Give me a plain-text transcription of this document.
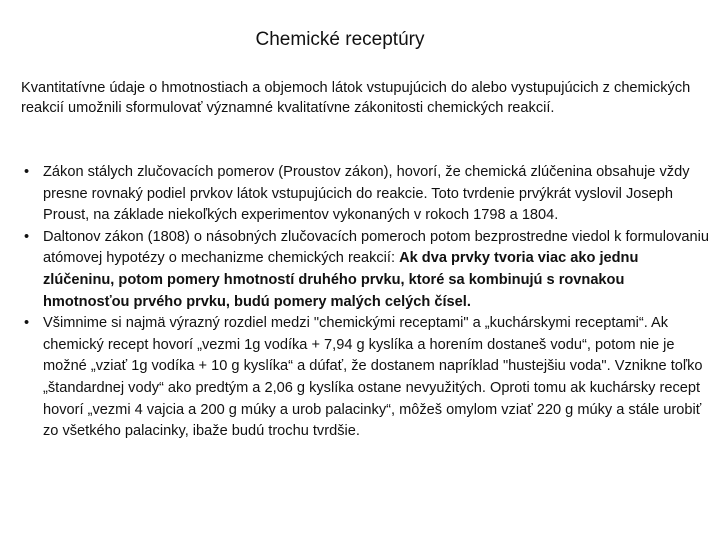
Chemické receptúry
Kvantitatívne údaje o hmotnostiach a objemoch látok vstupujúcich do alebo vystupujúcich z chemických reakcií umožnili sformulovať významné kvalitatívne zákonitosti chemických reakcií.
• Zákon stálych zlučovacích pomerov (Proustov zákon), hovorí, že chemická zlúčenina obsahuje vždy presne rovnaký podiel prvkov látok vstupujúcich do reakcie. Toto tvrdenie prvýkrát vyslovil Joseph Proust, na základe niekoľkých experimentov vykonaných v rokoch 1798 a 1804.
• Daltonov zákon (1808) o násobných zlučovacích pomeroch potom bezprostredne viedol k formulovaniu atómovej hypotézy o mechanizme chemických reakcií: Ak dva prvky tvoria viac ako jednu zlúčeninu, potom pomery hmotností druhého prvku, ktoré sa kombinujú s rovnakou hmotnosťou prvého prvku, budú pomery malých celých čísel.
• Všimnime si najmä výrazný rozdiel medzi "chemickými receptami" a „kuchárskymi receptami“. Ak chemický recept hovorí „vezmi 1g vodíka + 7,94 g kyslíka a horením dostaneš vodu“, potom nie je možné „vziať 1g vodíka + 10 g kyslíka“ a dúfať, že dostanem napríklad "hustejšiu voda". Vznikne toľko „štandardnej vody“ ako predtým a 2,06 g kyslíka ostane nevyužitých. Oproti tomu ak kuchársky recept hovorí „vezmi 4 vajcia a 200 g múky a urob palacinky“, môžeš omylom vziať 220 g múky a stále urobiť zo všetkého palacinky, ibaže budú trochu tvrdšie.
